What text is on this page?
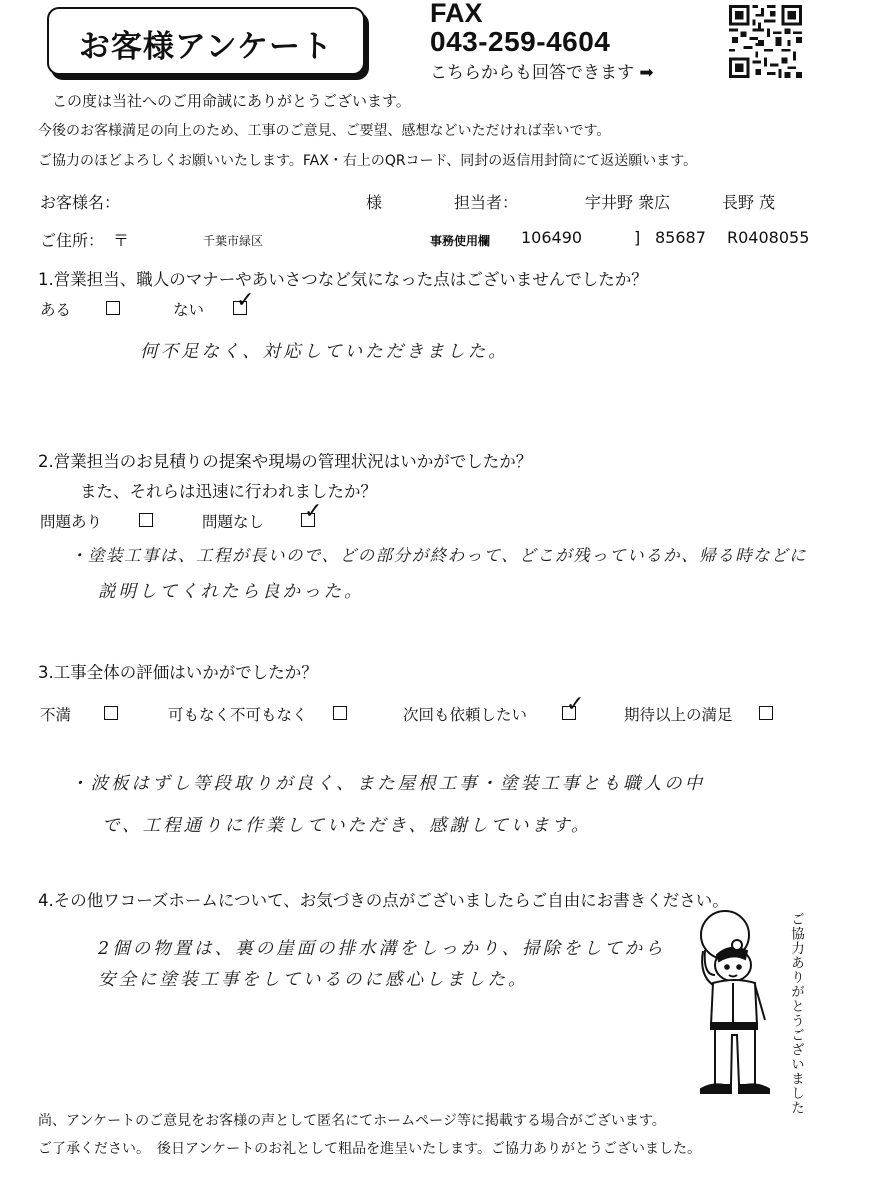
お客様アンケート
FAX
043-259-4604
こちらからも回答できます ➡
この度は当社へのご用命誠にありがとうございます。
今後のお客様満足の向上のため、工事のご意見、ご要望、感想などいただければ幸いです。
ご協力のほどよろしくお願いいたします。FAX・右上のQRコード、同封の返信用封筒にて返送願います。
お客様名：	様	担当者：	宇井野 衆広	長野 茂
ご住所： 〒	千葉市緑区	事務使用欄 106490	] 85687 R0408055
1.営業担当、職人のマナーやあいさつなど気になった点はございませんでしたか？
ある	ない ✓
何不足なく、対応していただきました。
2.営業担当のお見積りの提案や現場の管理状況はいかがでしたか？
また、それらは迅速に行われましたか？
問題あり	問題なし ✓
・塗装工事は、工程が長いので、どの部分が終わって、どこが残っているか、帰る時などに
説明してくれたら良かった。
3.工事全体の評価はいかがでしたか？
不満	可もなく不可もなく	次回も依頼したい ✓	期待以上の満足
・波板はずし等段取りが良く、また屋根工事・塗装工事とも職人の中
で、工程通りに作業していただき、感謝しています。
4.その他ワコーズホームについて、お気づきの点がございましたらご自由にお書きください。
2個の物置は、裏の崖面の排水溝をしっかり、掃除をしてから
安全に塗装工事をしているのに感心しました。	ご協力ありがとうございました
尚、アンケートのご意見をお客様の声として匿名にてホームページ等に掲載する場合がございます。
ご了承ください。　後日アンケートのお礼として粗品を進呈いたします。ご協力ありがとうございました。
